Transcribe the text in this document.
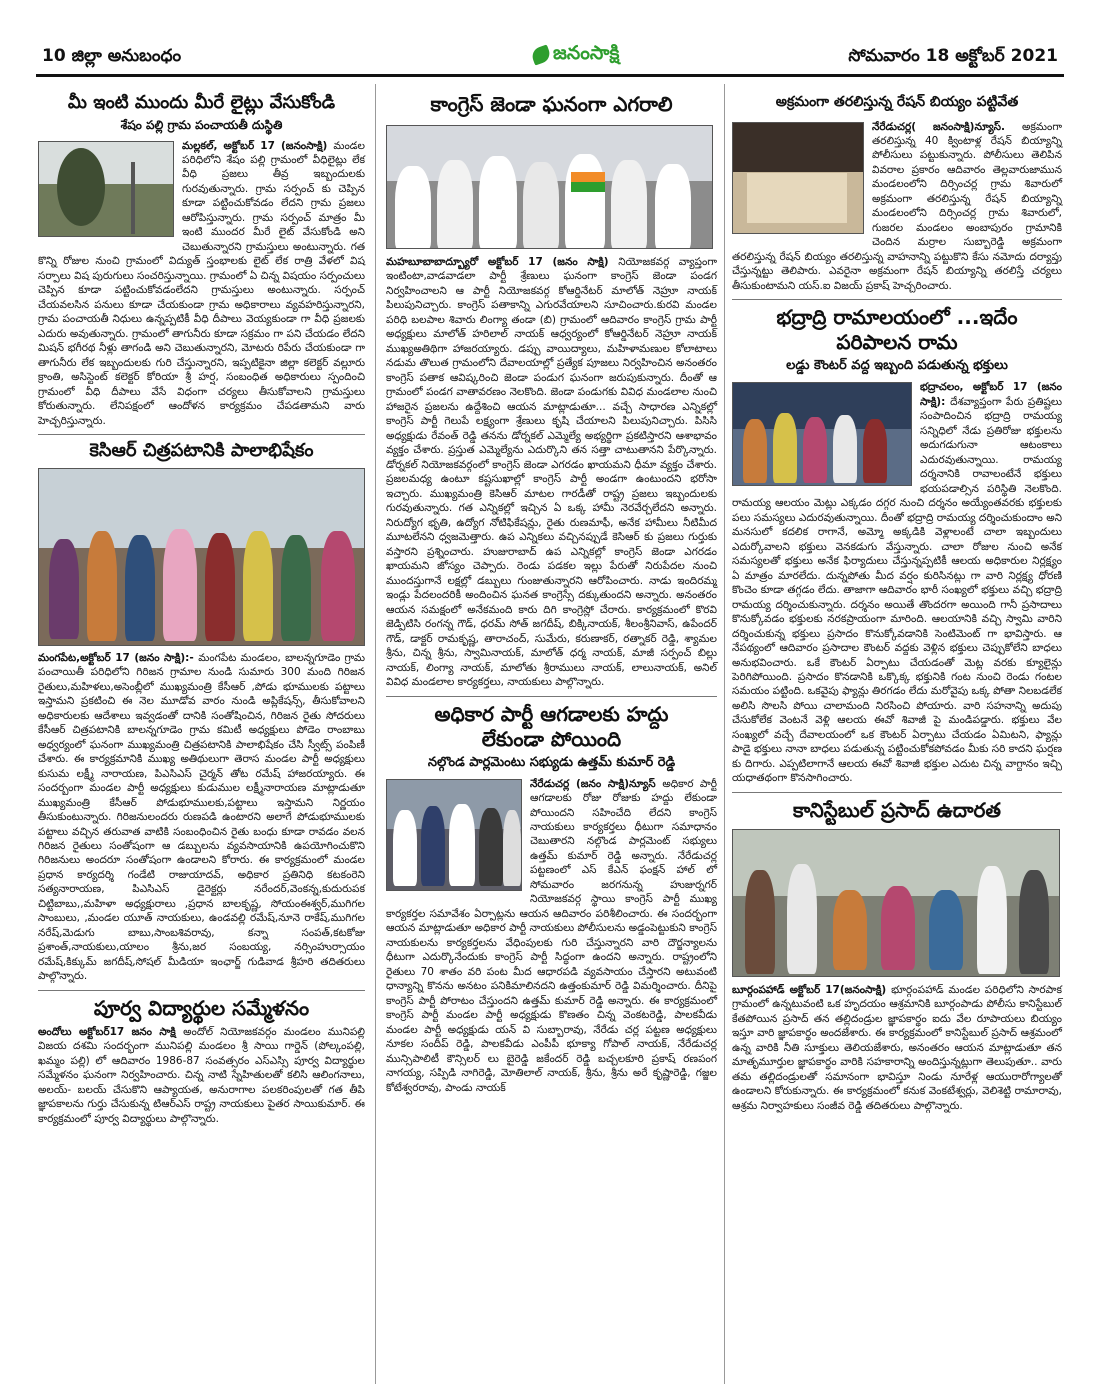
10 జిల్లా అనుబంధం	జనంసాక్షి	సోమవారం 18 అక్టోబర్ 2021
మీ ఇంటి ముందు మీరే లైట్లు వేసుకోండి
శేషం పల్లి గ్రామ పంచాయతీ దుస్థితి
మల్లకల్, అక్టోబర్ 17 (జనంసాక్షి) మండల పరిధిలోని శేషం పల్లి గ్రామంలో వీధిలైట్లు లేక వీధి ప్రజలు తీవ్ర ఇబ్బందులకు గురవుతున్నారు. గ్రామ సర్పంచ్ కు చెప్పిన కూడా పట్టించుకోవడం లేదని గ్రామ ప్రజలు ఆరోపిస్తున్నారు. గ్రామ సర్పంచ్ మాత్రం మీ ఇంటి ముందర మీరే లైట్ వేసుకోండి అని చెబుతున్నారని గ్రామస్తులు అంటున్నారు. గత కొన్ని రోజుల నుంచి గ్రామంలో విద్యుత్ స్తంభాలకు లైట్ లేక రాత్రి వేళలో విష సర్పాలు విష పురుగులు సంచరిస్తున్నాయి. గ్రామంలో ఏ చిన్న విషయం సర్పంచులు చెప్పిన కూడా పట్టించుకోవడంలేదని గ్రామస్తులు అంటున్నారు. సర్పంచ్ చేయవలసిన పనులు కూడా చేయకుండా గ్రామ అధికారాలు వ్యవహరిస్తున్నారని, గ్రామ పంచాయతీ నిధులు ఉన్నప్పటికీ వీధి దీపాలు వెయ్యకుండా గా వీధి ప్రజలకు ఎదురు అవుతున్నారు. గ్రామంలో తాగునీరు కూడా సక్రమం గా పని చేయడం లేదని మిషన్ భగీరథ నీళ్లు తాగండి అని చెబుతున్నారని, మోటరు రిపేరు చేయకుండా గా తాగునీరు లేక ఇబ్బందులకు గురి చేస్తున్నారని, ఇప్పటికైనా జిల్లా కలెక్టర్ వల్లూరు క్రాంతి, అసిస్టెంట్ కలెక్టర్ కోరియా శ్రీ హర్ష, సంబంధిత అధికారులు స్పందించి గ్రామంలో వీధి దీపాలు వేసే విధంగా చర్యలు తీసుకోవాలని గ్రామస్తులు కోరుతున్నారు. లేనిపక్షంలో ఆందోళన కార్యక్రమం చేపడతామని వారు హెచ్చరిస్తున్నారు.
కెసిఆర్ చిత్రపటానికి పాలాభిషేకం
మంగపేట,అక్టోబర్ 17 (జనం సాక్షి):- మంగపేట మండలం, బాలన్నగూడెం గ్రామ పంచాయితీ పరిధిలోని గిరిజన గ్రామాల నుండి సుమారు 300 మంది గిరిజన రైతులు,మహిళలు,అసెంబ్లీలో ముఖ్యమంత్రి కేసీఆర్ ,పోడు భూములకు పట్టాలు ఇస్తామని ప్రకటించి ఈ నెల మూడోవ వారం నుండి అప్లికేషన్స్, తీసుకోవాలని అధికారులకు ఆదేశాలు ఇవ్వడంతో దానికి సంతోషించిన, గిరిజన రైతు సోదరులు కేసీఆర్ చిత్రపటానికి బాలన్నగూడెం గ్రామ కమిటీ అధ్యక్షులు పోడెం రాంబాబు అధ్వర్యంలో ఘనంగా ముఖ్యమంత్రి చిత్రపటానికి పాలాభిషేకం చేసి స్వీట్స్ పంపిణీ చేశారు. ఈ కార్యక్రమానికి ముఖ్య అతిథులుగా తెరాస మండల పార్టీ అధ్యక్షులు కుసుమ లక్ష్మీ నారాయణ, పిఎసిఎస్ చైర్మన్ తోట రమేష్ హాజరయ్యారు. ఈ సందర్బంగా మండల పార్టీ అధ్యక్షులు కుడుముల లక్ష్మీనారాయణ మాట్లాడుతూ ముఖ్యమంత్రి కేసీఆర్ పోడుభూములకు,పట్టాలు ఇస్తామని నిర్ణయం తీసుకుంటున్నారు. గిరిజనులందరు రుణపడి ఉంటారని అలాగే పోడుభూములకు పట్టాలు వచ్చిన తరువాత వాటికి సంబంధించిన రైతు బంధు కూడా రావడం వలన గిరిజన రైతులు సంతోషంగా ఆ డబ్బులను వ్యవసాయానికి ఉపయోగించుకొని గిరిజనులు అందరూ సంతోషంగా ఉండాలని కోరారు. ఈ కార్యక్రమంలో మండల ప్రధాన కార్యదర్శి గండేటి రాజుయాదవ్, అధికార ప్రతినిధి కటకంరెని సత్యనారాయణ, పిఎసిఎస్ డైరెక్టర్లు నరేందర్,వెంకన్న,కుదురుపక చిట్టిబాబు,,మహిళా అధ్యక్షురాలు ,ప్రధాన బాలకృష్ణ, సోయంఈశ్వర్,ముగిగల సాంబులు, ,మండల యూత్ నాయకులు, ఉండవల్లి రమేష్,నూనె రాకేష్,ముగిగల నరేష్,మెడుగు బాబు,సాంబశివరావు, కన్నా సంపత్,కటకోజు ప్రశాంత్,నాయకులు,యాలం శ్రీను,జర సంబయ్య, నర్సింహుర్సాయం రమేష్,కిక్కుమ్ జగదీష్,సోషల్ మీడియా ఇంఛార్జ్ గుడివాడ శ్రీహరి తదితరులు పాల్గొన్నారు.
పూర్వ విద్యార్థుల సమ్మేళనం
అందోలు అక్టోబర్17 జనం సాక్షి అందోల్ నియోజకవర్గం మండలం మునిపల్లి విజయ దశమి సందర్భంగా మునిపల్లి మండలం శ్రీ సాయి గార్డెన్ (పోల్కంపల్లి, ఖమ్మం పల్లి) లో ఆదివారం 1986-87 సంవత్సరం ఎస్ఎస్సి పూర్వ విద్యార్థుల సమ్మేళనం ఘనంగా నిర్వహించారు. చిన్న నాటి స్నేహితులతో కలిసి ఆలింగనాలు, అలయ్- బలయ్ చేసుకొని ఆప్యాయత, అనురాగాల పలకరింపులతో గత తీపి జ్ఞాపకాలను గుర్తు చేసుకున్న టిఆర్ఎస్ రాష్ట్ర నాయకులు పైతర సాయికుమార్. ఈ కార్యక్రమంలో పూర్వ విద్యార్థులు పాల్గొన్నారు.
కాంగ్రెస్ జెండా ఘనంగా ఎగరాలి
మహబూబాబాద్బ్యూరో అక్టోబర్ 17 (జనం సాక్షి) నియోజకవర్గ వ్యాప్తంగా ఇంటింటా,వాడవాడలా పార్టీ శ్రేణులు ఘనంగా కాంగ్రెస్ జెండా పండగ నిర్వహించాలని ఆ పార్టీ నియోజకవర్గ కోఆర్డినేటర్ మాలోత్ నెహ్రూ నాయక్ పిలుపునిచ్చారు. కాంగ్రెస్ పతాకాన్ని ఎగురవేయాలని సూచించారు.కురవి మండల పరిధి బలపాల శివారు లింగ్యా తండా (బి) గ్రామంలో ఆదివారం కాంగ్రెస్ గ్రామ పార్టీ అధ్యక్షులు మాలోత్ హరిలాల్ నాయక్ ఆధ్వర్యంలో కోఆర్డినేటర్ నెహ్రూ నాయక్ ముఖ్యఅతిథిగా హాజరయ్యారు. డప్పు వాయిద్యాలు, మహిళామణుల కోలాటాలు నడుమ తొలుత గ్రామంలోని దేవాలయాల్లో ప్రత్యేక పూజలు నిర్వహించిన అనంతరం కాంగ్రెస్ పతాక ఆవిష్కరించి జెండా పండుగ ఘనంగా జరుపుకున్నారు. దీంతో ఆ గ్రామంలో పండగ వాతావరణం నెలకొంది. జెండా పండుగకు వివిధ మండలాల నుంచి హాజరైన ప్రజలను ఉద్దేశించి ఆయన మాట్లాడుతూ... వచ్చే సాధారణ ఎన్నికల్లో కాంగ్రెస్ పార్టీ గెలుపే లక్ష్యంగా శ్రేణులు కృషి చేయాలని పిలుపునిచ్చారు. పిసిసి అధ్యక్షుడు రేవంత్ రెడ్డి తనను డోర్నకల్ ఎమ్మెల్యే అభ్యర్థిగా ప్రకటిస్తారని ఆశాభావం వ్యక్తం చేశారు. ప్రస్తుత ఎమ్మెల్యేను ఎదుర్కొని తన సత్తా చాటుతానని పేర్కొన్నారు. డోర్నకల్ నియోజకవర్గంలో కాంగ్రెస్ జెండా ఎగరడం ఖాయమని ధీమా వ్యక్తం చేశారు. ప్రజలమధ్య ఉంటూ కష్టసుఖాల్లో కాంగ్రెస్ పార్టీ అండగా ఉంటుందని భరోసా ఇచ్చారు. ముఖ్యమంత్రి కెసిఆర్ మాటల గారడీతో రాష్ట్ర ప్రజలు ఇబ్బందులకు గురవుతున్నారు. గత ఎన్నికల్లో ఇచ్చిన ఏ ఒక్క హామీ నెరవేర్చలేదని అన్నారు. నిరుద్యోగ భృతి, ఉద్యోగ నోటిఫికేషన్లు, రైతు రుణమాఫీ, అనేక హామీలు నీటిమీద మూటలేనని ధ్వజమెత్తారు. ఉప ఎన్నికలు వచ్చినప్పుడే కెసిఆర్ కు ప్రజలు గుర్తుకు వస్తారని ప్రశ్నించారు. హుజురాబాద్ ఉప ఎన్నికల్లో కాంగ్రెస్ జెండా ఎగరడం ఖాయమని జోస్యం చెప్పారు. రెండు పడకల ఇల్లు పేరుతో నిరుపేదల నుంచి ముందస్తుగానే లక్షల్లో డబ్బులు గుంజుతున్నారని ఆరోపించారు. నాడు ఇందిరమ్మ ఇండ్లు పేదలందరికీ అందించిన ఘనత కాంగ్రెస్సే దక్కుతుందని అన్నారు. అనంతరం ఆయన సమక్షంలో అనేకమంది కారు దిగి కాంగ్రెస్లో చేరారు. కార్యక్రమంలో కొరవి జెడ్పిటిసి రంగన్న గౌడ్, ధరమ్ సోత్ జగదీష్, బిక్కినాయక్, శీలంశ్రీనివాస్, ఉపేందర్ గౌడ్, డాక్టర్ రామకృష్ణ, తారాచంద్, సుమేరు, కరుణాకర్, రత్నాకర్ రెడ్డి, శ్యామల శ్రీను, చిన్న శ్రీను, స్వామినాయక్, మాలోత్ ధర్మ నాయక్, మాజీ సర్పంచ్ బిల్లు నాయక్, లింగ్యా నాయక్, మాలోతు శ్రీరాములు నాయక్, లాలునాయక్, అనిల్ వివిధ మండలాల కార్యకర్తలు, నాయకులు పాల్గొన్నారు.
అధికార పార్టీ ఆగడాలకు హద్దు
లేకుండా పోయింది
నల్గొండ పార్లమెంటు సభ్యుడు ఉత్తమ్ కుమార్ రెడ్డి
నేరేడుచర్ల (జనం సాక్షి)న్యూస్ అధికార పార్టీ ఆగడాలకు రోజు రోజుకు హద్దు లేకుండా పోయిందని సహించేది లేదని కాంగ్రెస్ నాయకులు కార్యకర్తలు ధీటుగా సమాధానం చెబుతారని నల్గొండ పార్లమెంట్ సభ్యులు ఉత్తమ్ కుమార్ రెడ్డి అన్నారు. నేరేడుచర్ల పట్టణంలో ఎస్ కేఎన్ ఫంక్షన్ హాల్ లో సోమవారం జరగనున్న హుజుర్నగర్ నియోజకవర్గ స్థాయి కాంగ్రెస్ పార్టీ ముఖ్య కార్యకర్తల సమావేశం ఏర్పాట్లను ఆయన ఆదివారం పరిశీలించారు. ఈ సందర్భంగా ఆయన మాట్లాడుతూ అధికార పార్టీ నాయకులు పోలీసులను అడ్డంపెట్టుకుని కాంగ్రెస్ నాయకులను కార్యకర్తలను వేధింపులకు గురి చేస్తున్నారని వారి దౌర్జన్యాలను ధీటుగా ఎదుర్కొనేందుకు కాంగ్రెస్ పార్టీ సిద్ధంగా ఉందని అన్నారు. రాష్ట్రంలోని రైతులు 70 శాతం వరి పంట మీద ఆధారపడి వ్యవసాయం చేస్తారని అటువంటి ధాన్యాన్ని కొనను అనటం పనికిమాలినదని ఉత్తంకుమార్ రెడ్డి విమర్శించారు. దీనిపై కాంగ్రెస్ పార్టీ పోరాటం చేస్తుందని ఉత్తమ్ కుమార్ రెడ్డి అన్నారు. ఈ కార్యక్రమంలో కాంగ్రెస్ పార్టీ మండల పార్టీ అధ్యక్షుడు కొణతం చిన్న వెంకటరెడ్డి, పాలకవీడు మండల పార్టీ అధ్యక్షుడు యన్ వి సుబ్బారావు, నేరేడు చర్ల పట్టణ అధ్యక్షులు నూకల సందీప్ రెడ్డి, పాలకవీడు ఎంపీపీ భూక్యా గోపాల్ నాయక్, నేరేడుచర్ల మున్సిపాలిటీ కౌన్సిలర్ లు బైరెడ్డి జకేందర్ రెడ్డి బచ్చలకూరి ప్రకాష్ రణపంగ నాగయ్య, సప్పిడి నాగిరెడ్డి, మోతిలాల్ నాయక్, శ్రీను, శ్రీను అరే కృష్ణారెడ్డి, గజ్జల కోటేశ్వరరావు, పాండు నాయక్
అక్రమంగా తరలిస్తున్న రేషన్ బియ్యం పట్టివేత
నేరేడుచర్ల( జనంసాక్షి)న్యూస్. అక్రమంగా తరలిస్తున్న 40 క్వింటాళ్ల రేషన్ బియ్యాన్ని పోలీసులు పట్టుకున్నారు. పోలీసులు తెలిపిన వివరాల ప్రకారం ఆదివారం తెల్లవారుజామున మండలంలోని దిర్సించర్ల గ్రామ శివారులో అక్రమంగా తరలిస్తున్న రేషన్ బియ్యాన్ని మండలంలోని దిర్సించర్ల గ్రామ శివారులో, గుజరల మండలం అంబాపురం గ్రామానికి చెందిన మర్రాల సుబ్బారెడ్డి అక్రమంగా తరలిస్తున్న రేషన్ బియ్యం తరలిస్తున్న వాహనాన్ని పట్టుకొని కేసు నమోదు దర్యాప్తు చేస్తున్నట్టు తెలిపారు. ఎవరైనా అక్రమంగా రేషన్ బియ్యాన్ని తరలిస్తే చర్యలు తీసుకుంటామని యస్.ఐ విజయ్ ప్రకాష్ హెచ్చరించారు.
భద్రాద్రి రామాలయంలో ...ఇదేం
పరిపాలన రామ
లడ్డు కౌంటర్ వద్ద ఇబ్బంది పడుతున్న భక్తులు
భద్రాచలం, అక్టోబర్ 17 (జనం సాక్షి): దేశవ్యాప్తంగా పేరు ప్రతిష్టలు సంపాదించిన భద్రాద్రి రామయ్య సన్నిధిలో నేడు ప్రతిరోజు భక్తులను అదుగడుగునా ఆటంకాలు ఎదురవుతున్నాయి. రామయ్య దర్శనానికి రావాలంటేనే భక్తులు భయపడాల్సిన పరిస్థితి నెలకొంది. రామయ్య ఆలయం మెట్లు ఎక్కడం దగ్గర నుంచి దర్శనం అయ్యేంతవరకు భక్తులకు పలు సమస్యలు ఎదురవుతున్నాయి. దీంతో భద్రాద్రి రామయ్య దర్శించుకుందాం అని మనసులో కదలిక రాగానే, అమ్మో అక్కడికి వెళ్లాలంటే చాలా ఇబ్బందులు ఎదుర్కోవాలని భక్తులు వెనకడుగు వేస్తున్నారు. చాలా రోజుల నుంచి అనేక సమస్యలతో భక్తులు అనేక ఫిర్యాదులు చేస్తున్నప్పటికీ ఆలయ అధికారుల నిర్లక్ష్యం ఏ మాత్రం మారలేదు. దున్నపోతు మీద వర్షం కురిసినట్లు గా వారి నిర్లక్ష్య ధోరణి కొంచెం కూడా తగ్గడం లేదు. తాజాగా ఆదివారం భారీ సంఖ్యలో భక్తులు వచ్చి భద్రాద్రి రామయ్య దర్శించుకున్నారు. దర్శనం అయితే తొందరగా అయింది గానీ ప్రసాదాలు కొనుక్కోవడం భక్తులకు నరకప్రాయంగా మారింది. ఆలయానికి వచ్చి స్వామి వారిని దర్శించుకున్న భక్తులు ప్రసాదం కొనుక్కోవడానికి సెంటిమెంట్ గా భావిస్తారు. ఆ నేపథ్యంలో ఆదివారం ప్రసాదాల కౌంటర్ వద్దకు వెళ్లిన భక్తులు చెప్పుకోలేని బాధలు అనుభవించారు. ఒకే కౌంటర్ ఏర్పాటు చేయడంతో మెట్ల వరకు క్యూలైన్లు పెరిగిపోయింది. ప్రసాదం కొనడానికి ఒక్కొక్క భక్తునికి గంట నుంచి రెండు గంటల సమయం పట్టింది. ఒకవైపు ఫ్యాన్లు తిరగడం లేదు మరోవైపు ఒక్క పోతా నిలబడలేక అలిసి సొలసి పోయి చాలామంది నిరసించి పోయారు. వారి సహనాన్ని అదుపు చేసుకోలేక వెంటనే వెళ్లి ఆలయ ఈవో శివాజీ పై మండిపడ్డారు. భక్తులు వేల సంఖ్యలో వచ్చే దేవాలయంలో ఒక కౌంటర్ ఏర్పాటు చేయడం ఏమిటని, ఫ్యాన్లు పాడై భక్తులు నానా బాధలు పడుతున్న పట్టించుకోకపోవడం మీకు సరి కాదని ఘర్షణ కు దిగారు. ఎప్పటిలాగానే ఆలయ ఈవో శివాజీ భక్తుల ఎదుట చిన్న వాగ్దానం ఇచ్చి యధాతథంగా కొనసాగించారు.
కానిస్టేబుల్ ప్రసాద్ ఉదారత
బూర్గంపహాడ్ అక్టోబర్ 17(జనంసాక్షి) భూర్గంపహాడ్ మండల పరిధిలోని సారపాక గ్రామంలో ఉన్నటువంటి ఒక హృదయం ఆశ్రమానికి బూర్గంపాడు పోలీసు కానిస్టేబుల్ కేతపోయిన ప్రసాద్ తన తల్లిదండ్రుల జ్ఞాపకార్థం ఐదు వేల రూపాయలు బియ్యం ఇస్తూ వారి జ్ఞాపకార్థం అందజేశారు. ఈ కార్యక్రమంలో కానిస్టేబుల్ ప్రసాద్ ఆశ్రమంలో ఉన్న వారికి నీతి సూక్తులు తెలియజేశారు, అనంతరం ఆయన మాట్లాడుతూ తన మాతృమూర్తుల జ్ఞాపకార్థం వారికి సహకారాన్ని అందిస్తున్నట్లుగా తెలుపుతూ.. వారు తమ తల్లిదండ్రులతో సమానంగా భావిస్తూ నిండు నూరేళ్ల ఆయురారోగ్యాలతో ఉండాలని కోరుకున్నారు. ఈ కార్యక్రమంలో కనుక వెంకటేశ్వర్లు, వెలిశెట్టి రామారావు, ఆశ్రమ నిర్వాహకులు సంజీవ రెడ్డి తదితరులు పాల్గొన్నారు.
